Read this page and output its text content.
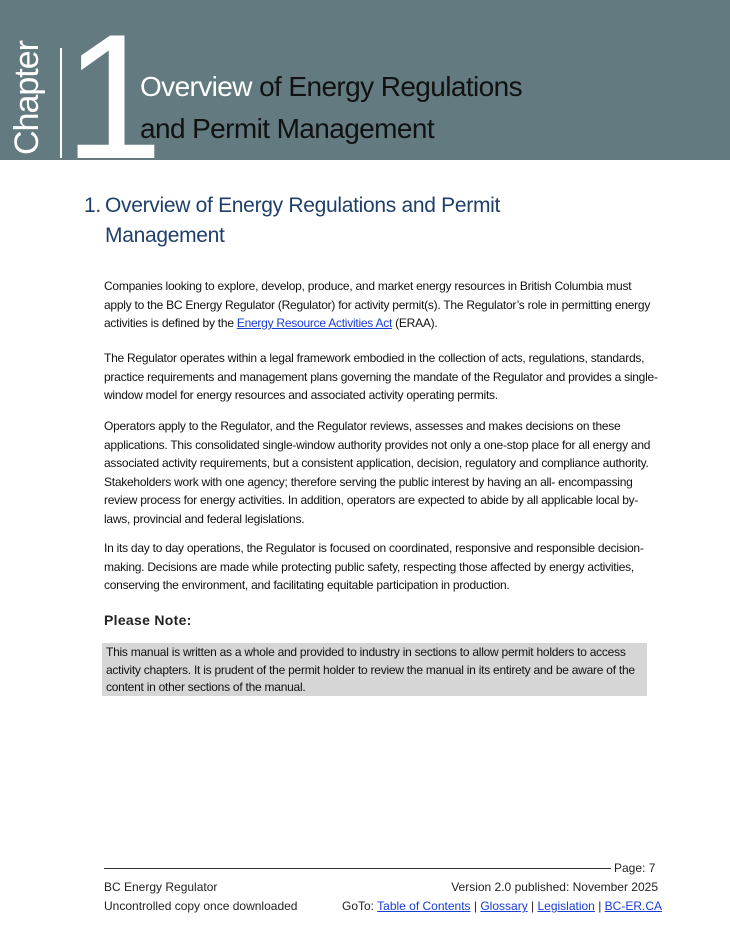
Chapter 1
Overview of Energy Regulations
and Permit Management
1. Overview of Energy Regulations and Permit Management

Companies looking to explore, develop, produce, and market energy resources in British Columbia must apply to the BC Energy Regulator (Regulator) for activity permit(s). The Regulator’s role in permitting energy activities is defined by the Energy Resource Activities Act (ERAA).

The Regulator operates within a legal framework embodied in the collection of acts, regulations, standards, practice requirements and management plans governing the mandate of the Regulator and provides a single-window model for energy resources and associated activity operating permits.

Operators apply to the Regulator, and the Regulator reviews, assesses and makes decisions on these applications. This consolidated single-window authority provides not only a one-stop place for all energy and associated activity requirements, but a consistent application, decision, regulatory and compliance authority. Stakeholders work with one agency; therefore serving the public interest by having an all- encompassing review process for energy activities. In addition, operators are expected to abide by all applicable local by-laws, provincial and federal legislations.

In its day to day operations, the Regulator is focused on coordinated, responsive and responsible decision-making. Decisions are made while protecting public safety, respecting those affected by energy activities, conserving the environment, and facilitating equitable participation in production.

Please Note:
This manual is written as a whole and provided to industry in sections to allow permit holders to access activity chapters. It is prudent of the permit holder to review the manual in its entirety and be aware of the content in other sections of the manual.
Page: 7
BC Energy Regulator
Uncontrolled copy once downloaded
Version 2.0 published: November 2025
GoTo: Table of Contents | Glossary | Legislation | BC-ER.CA
